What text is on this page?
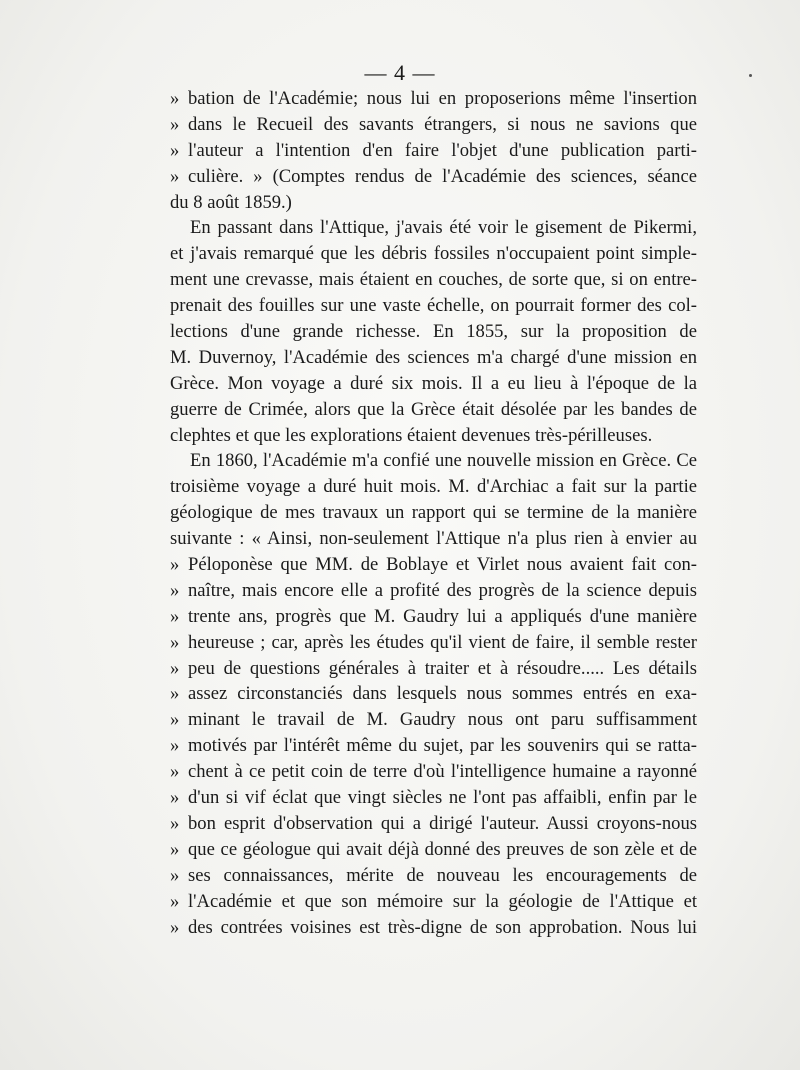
— 4 —
» bation de l'Académie; nous lui en proposerions même l'insertion
» dans le Recueil des savants étrangers, si nous ne savions que
» l'auteur a l'intention d'en faire l'objet d'une publication parti-
» culière. » (Comptes rendus de l'Académie des sciences, séance
du 8 août 1859.)
En passant dans l'Attique, j'avais été voir le gisement de Pikermi,
et j'avais remarqué que les débris fossiles n'occupaient point simple-
ment une crevasse, mais étaient en couches, de sorte que, si on entre-
prenait des fouilles sur une vaste échelle, on pourrait former des col-
lections d'une grande richesse. En 1855, sur la proposition de
M. Duvernoy, l'Académie des sciences m'a chargé d'une mission en
Grèce. Mon voyage a duré six mois. Il a eu lieu à l'époque de la
guerre de Crimée, alors que la Grèce était désolée par les bandes de
clephtes et que les explorations étaient devenues très-périlleuses.
En 1860, l'Académie m'a confié une nouvelle mission en Grèce. Ce
troisième voyage a duré huit mois. M. d'Archiac a fait sur la partie
géologique de mes travaux un rapport qui se termine de la manière
suivante : « Ainsi, non-seulement l'Attique n'a plus rien à envier au
» Péloponèse que MM. de Boblaye et Virlet nous avaient fait con-
» naître, mais encore elle a profité des progrès de la science depuis
» trente ans, progrès que M. Gaudry lui a appliqués d'une manière
» heureuse ; car, après les études qu'il vient de faire, il semble rester
» peu de questions générales à traiter et à résoudre..... Les détails
» assez circonstanciés dans lesquels nous sommes entrés en exa-
» minant le travail de M. Gaudry nous ont paru suffisamment
» motivés par l'intérêt même du sujet, par les souvenirs qui se ratta-
» chent à ce petit coin de terre d'où l'intelligence humaine a rayonné
» d'un si vif éclat que vingt siècles ne l'ont pas affaibli, enfin par le
» bon esprit d'observation qui a dirigé l'auteur. Aussi croyons-nous
» que ce géologue qui avait déjà donné des preuves de son zèle et de
» ses connaissances, mérite de nouveau les encouragements de
» l'Académie et que son mémoire sur la géologie de l'Attique et
» des contrées voisines est très-digne de son approbation. Nous lui
